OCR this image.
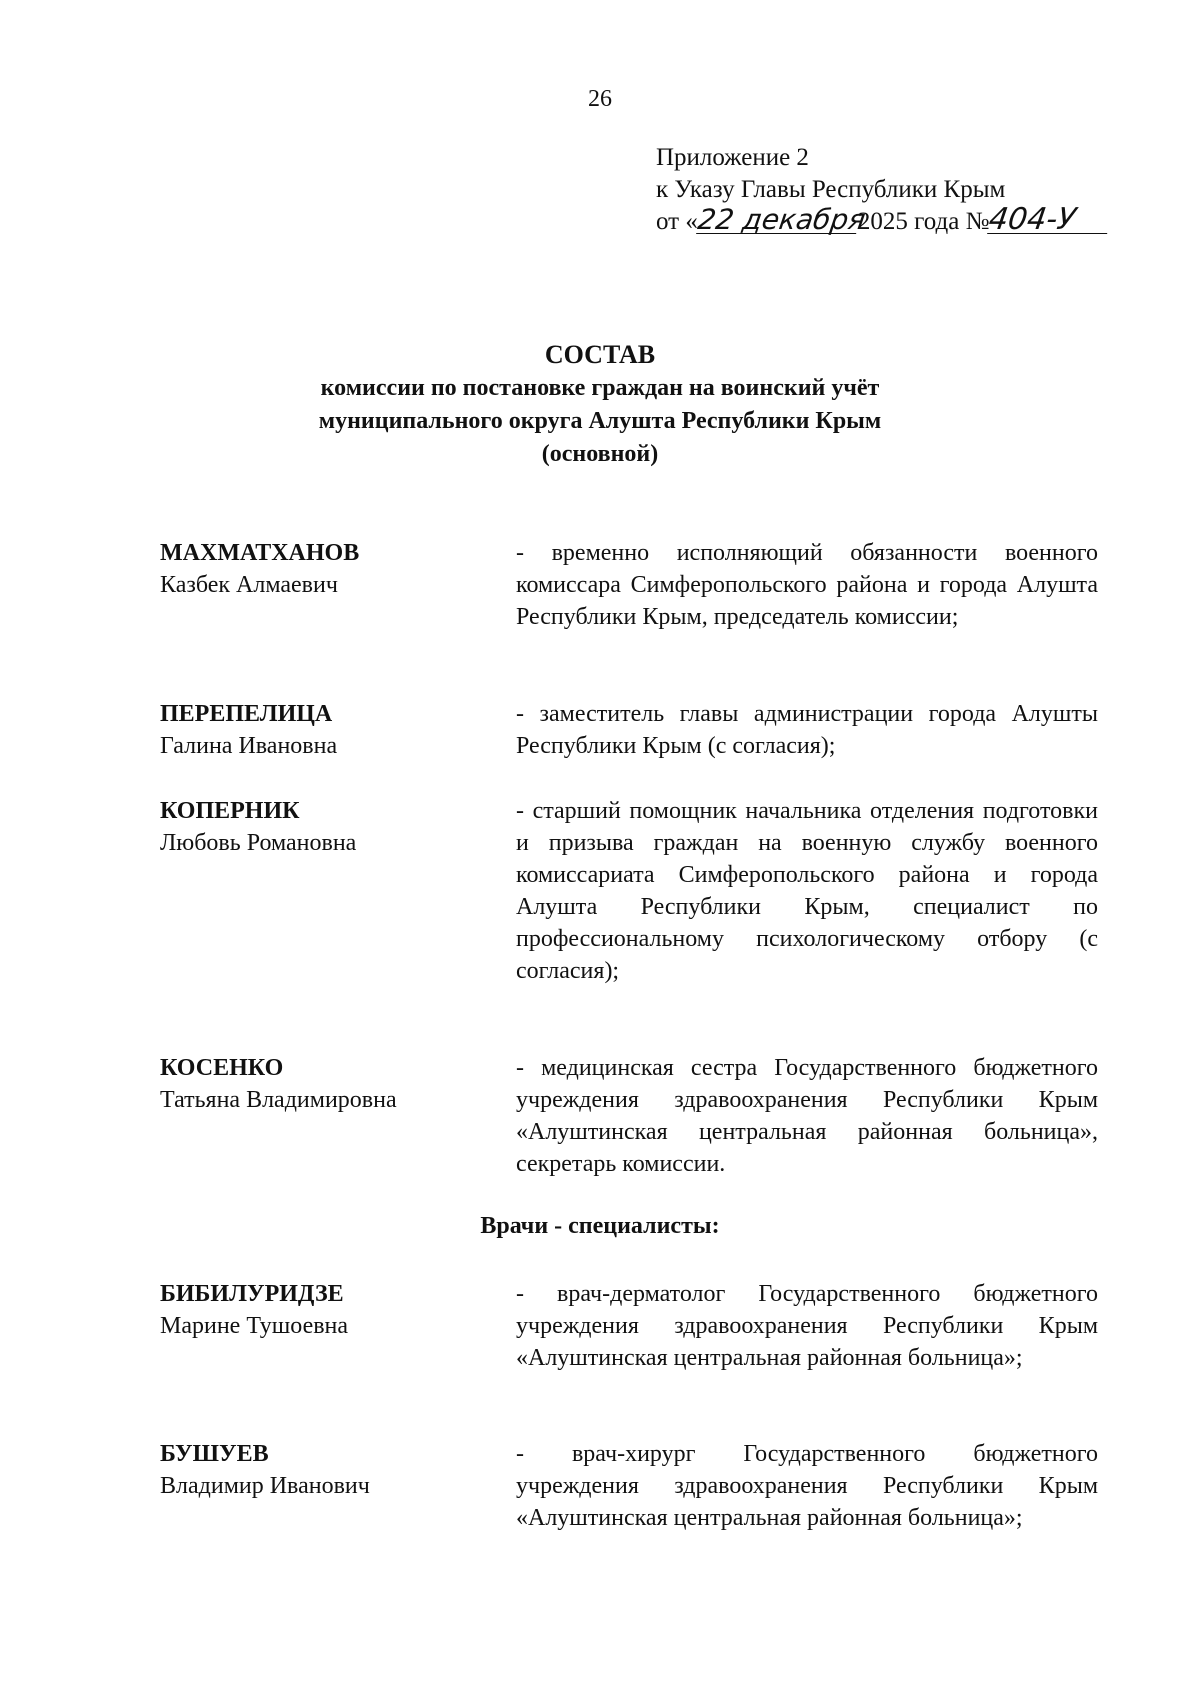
26
Приложение 2
к Указу Главы Республики Крым
от «22 декабря2025 года №404-У
СОСТАВ
комиссии по постановке граждан на воинский учёт
муниципального округа Алушта Республики Крым
(основной)
МАХМАТХАНОВ
Казбек Алмаевич
- временно исполняющий обязанности военного комиссара Симферопольского района и города Алушта Республики Крым, председатель комиссии;
ПЕРЕПЕЛИЦА
Галина Ивановна
- заместитель главы администрации города Алушты Республики Крым (с согласия);
КОПЕРНИК
Любовь Романовна
- старший помощник начальника отделения подготовки и призыва граждан на военную службу военного комиссариата Симферопольского района и города Алушта Республики Крым, специалист по профессиональному психологическому отбору (с согласия);
КОСЕНКО
Татьяна Владимировна
- медицинская сестра Государственного бюджетного учреждения здравоохранения Республики Крым «Алуштинская центральная районная больница», секретарь комиссии.
Врачи - специалисты:
БИБИЛУРИДЗЕ
Марине Тушоевна
- врач-дерматолог Государственного бюджетного учреждения здравоохранения Республики Крым «Алуштинская центральная районная больница»;
БУШУЕВ
Владимир Иванович
- врач-хирург Государственного бюджетного учреждения здравоохранения Республики Крым «Алуштинская центральная районная больница»;
